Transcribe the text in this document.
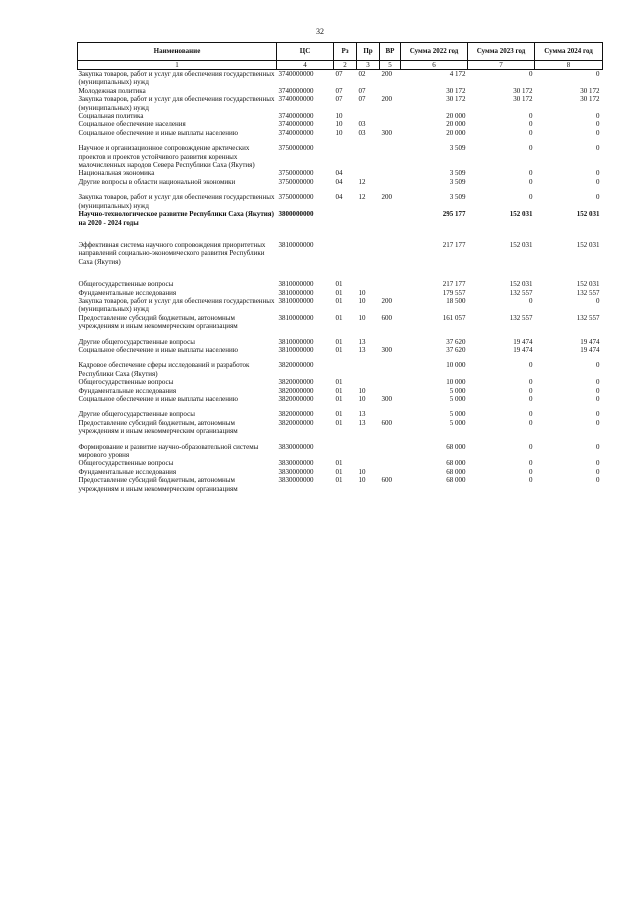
32
Наименование	ЦС	Рз	Пр	ВР	Сумма 2022 год	Сумма 2023 год	Сумма 2024 год
1	4	2	3	5	6	7	8
Закупка товаров, работ и услуг для обеспечения государственных (муниципальных) нужд	3740000000	07	02	200	4 172	0	0
Молодежная политика	3740000000	07	07		30 172	30 172	30 172
Закупка товаров, работ и услуг для обеспечения государственных (муниципальных) нужд	3740000000	07	07	200	30 172	30 172	30 172
Социальная политика	3740000000	10			20 000	0	0
Социальное обеспечение населения	3740000000	10	03		20 000	0	0
Социальное обеспечение и иные выплаты населению	3740000000	10	03	300	20 000	0	0

Научное и организационное сопровождение арктических проектов и проектов устойчивого развития коренных малочисленных народов Севера Республики Саха (Якутия)	3750000000				3 509	0	0
Национальная экономика	3750000000	04			3 509	0	0
Другие вопросы в области национальной экономики	3750000000	04	12		3 509	0	0

Закупка товаров, работ и услуг для обеспечения государственных (муниципальных) нужд	3750000000	04	12	200	3 509	0	0
Научно-технологическое развитие Республики Саха (Якутия) на 2020 - 2024 годы	3800000000				295 177	152 031	152 031

Эффективная система научного сопровождения приоритетных направлений социально-экономического развития Республики Саха (Якутия)	3810000000				217 177	152 031	152 031

Общегосударственные вопросы	3810000000	01			217 177	152 031	152 031
Фундаментальные исследования	3810000000	01	10		179 557	132 557	132 557
Закупка товаров, работ и услуг для обеспечения государственных (муниципальных) нужд	3810000000	01	10	200	18 500	0	0
Предоставление субсидий бюджетным, автономным учреждениям и иным некоммерческим организациям	3810000000	01	10	600	161 057	132 557	132 557

Другие общегосударственные вопросы	3810000000	01	13		37 620	19 474	19 474
Социальное обеспечение и иные выплаты населению	3810000000	01	13	300	37 620	19 474	19 474

Кадровое обеспечение сферы исследований и разработок Республики Саха (Якутия)	3820000000				10 000	0	0
Общегосударственные вопросы	3820000000	01			10 000	0	0
Фундаментальные исследования	3820000000	01	10		5 000	0	0
Социальное обеспечение и иные выплаты населению	3820000000	01	10	300	5 000	0	0

Другие общегосударственные вопросы	3820000000	01	13		5 000	0	0
Предоставление субсидий бюджетным, автономным учреждениям и иным некоммерческим организациям	3820000000	01	13	600	5 000	0	0

Формирование и развитие научно-образовательной системы мирового уровня	3830000000				68 000	0	0
Общегосударственные вопросы	3830000000	01			68 000	0	0
Фундаментальные исследования	3830000000	01	10		68 000	0	0
Предоставление субсидий бюджетным, автономным учреждениям и иным некоммерческим организациям	3830000000	01	10	600	68 000	0	0
